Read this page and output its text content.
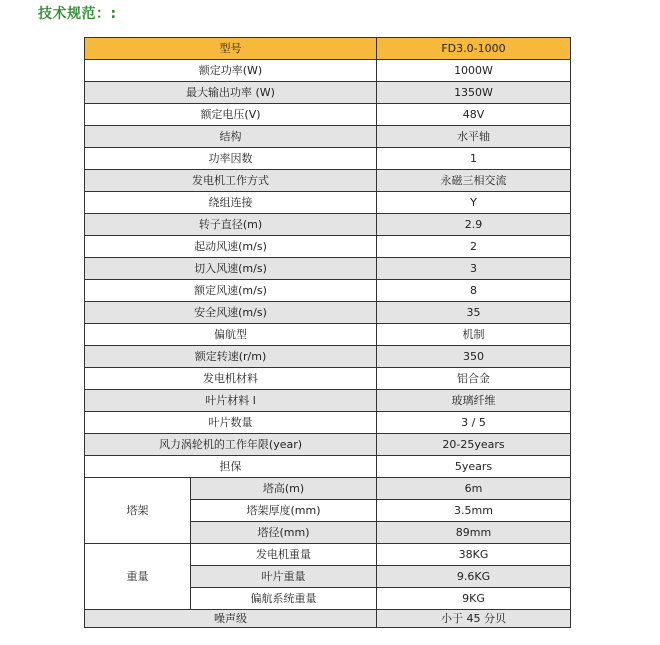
技术规范：:
型号		FD3.0-1000
额定功率(W)		1000W
最大输出功率 (W)		1350W
额定电压(V)		48V
结构		水平轴
功率因数		1
发电机工作方式		永磁三相交流
绕组连接		Y
转子直径(m)		2.9
起动风速(m/s)		2
切入风速(m/s)		3
额定风速(m/s)		8
安全风速(m/s)		35
偏航型		机制
额定转速(r/m)		350
发电机材料		铝合金
叶片材料 l		玻璃纤维
叶片数量		3 / 5
风力涡轮机的工作年限(year)		20-25years
担保		5years
塔架	塔高(m)	6m
	塔架厚度(mm)	3.5mm
	塔径(mm)	89mm
重量	发电机重量	38KG
	叶片重量	9.6KG
	偏航系统重量	9KG
噪声级		小于 45 分贝
